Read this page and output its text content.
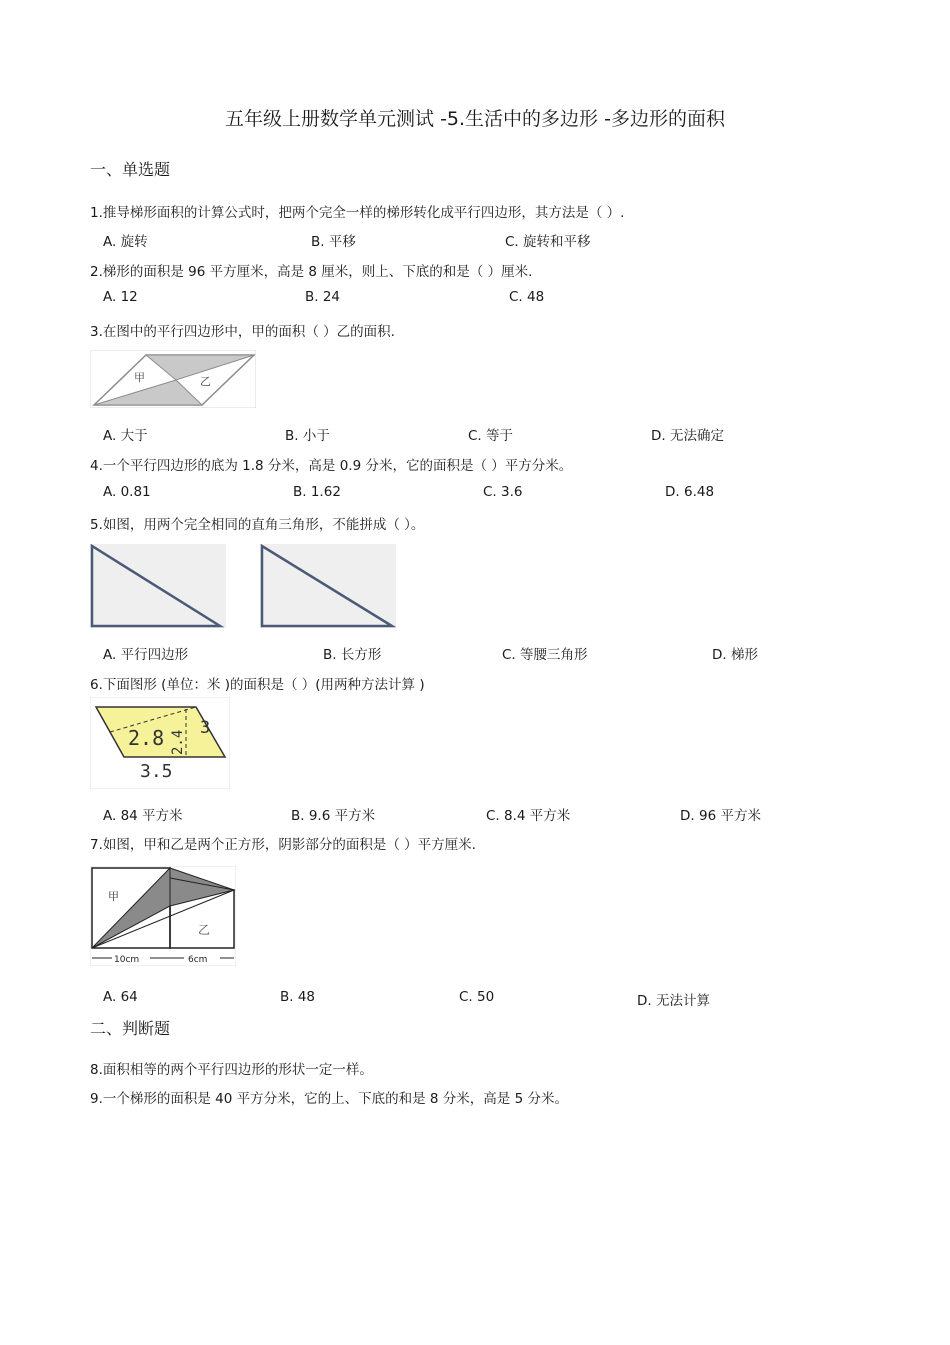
五年级上册数学单元测试 -5.生活中的多边形 -多边形的面积
一、单选题
1.推导梯形面积的计算公式时，把两个完全一样的梯形转化成平行四边形，其方法是（ ）.
A. 旋转	B. 平移	C. 旋转和平移
2.梯形的面积是 96 平方厘米，高是 8 厘米，则上、下底的和是（ ）厘米.
A. 12	B. 24	C. 48
3.在图中的平行四边形中，甲的面积（ ）乙的面积.
甲	乙
A. 大于	B. 小于	C. 等于	D. 无法确定
4.一个平行四边形的底为 1.8 分米，高是 0.9 分米，它的面积是（ ）平方分米。
A. 0.81	B. 1.62	C. 3.6	D. 6.48
5.如图，用两个完全相同的直角三角形，不能拼成（ ）。
A. 平行四边形	B. 长方形	C. 等腰三角形	D. 梯形
6.下面图形 (单位：米 )的面积是（ ）(用两种方法计算 )
2.8 2.4
3
3.5
A. 84 平方米	B. 9.6 平方米	C. 8.4 平方米	D. 96 平方米
7.如图，甲和乙是两个正方形，阴影部分的面积是（ ）平方厘米.
甲
乙
10cm	6cm
A. 64	B. 48	C. 50	D. 无法计算
二、判断题
8.面积相等的两个平行四边形的形状一定一样。
9.一个梯形的面积是 40 平方分米，它的上、下底的和是 8 分米，高是 5 分米。
